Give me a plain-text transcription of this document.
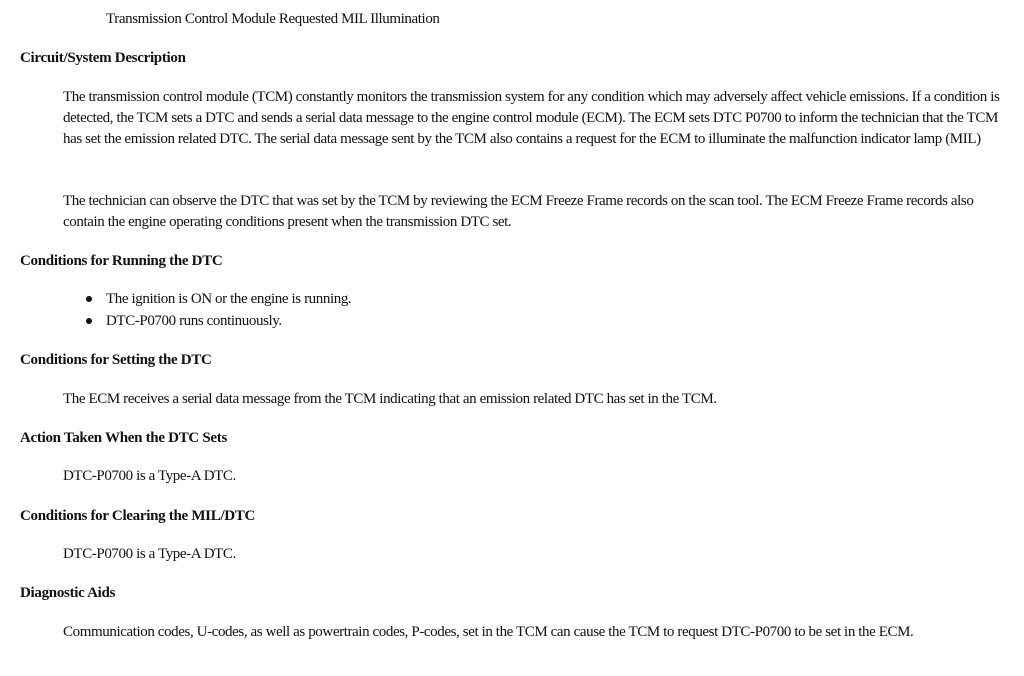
Transmission Control Module Requested MIL Illumination
Circuit/System Description

The transmission control module (TCM) constantly monitors the transmission system for any condition which may adversely affect vehicle emissions. If a condition is detected, the TCM sets a DTC and sends a serial data message to the engine control module (ECM). The ECM sets DTC P0700 to inform the technician that the TCM has set the emission related DTC. The serial data message sent by the TCM also contains a request for the ECM to illuminate the malfunction indicator lamp (MIL)

The technician can observe the DTC that was set by the TCM by reviewing the ECM Freeze Frame records on the scan tool. The ECM Freeze Frame records also contain the engine operating conditions present when the transmission DTC set.

Conditions for Running the DTC
The ignition is ON or the engine is running.
DTC-P0700 runs continuously.
Conditions for Setting the DTC

The ECM receives a serial data message from the TCM indicating that an emission related DTC has set in the TCM.

Action Taken When the DTC Sets

DTC-P0700 is a Type-A DTC.

Conditions for Clearing the MIL/DTC

DTC-P0700 is a Type-A DTC.

Diagnostic Aids

Communication codes, U-codes, as well as powertrain codes, P-codes, set in the TCM can cause the TCM to request DTC-P0700 to be set in the ECM.
